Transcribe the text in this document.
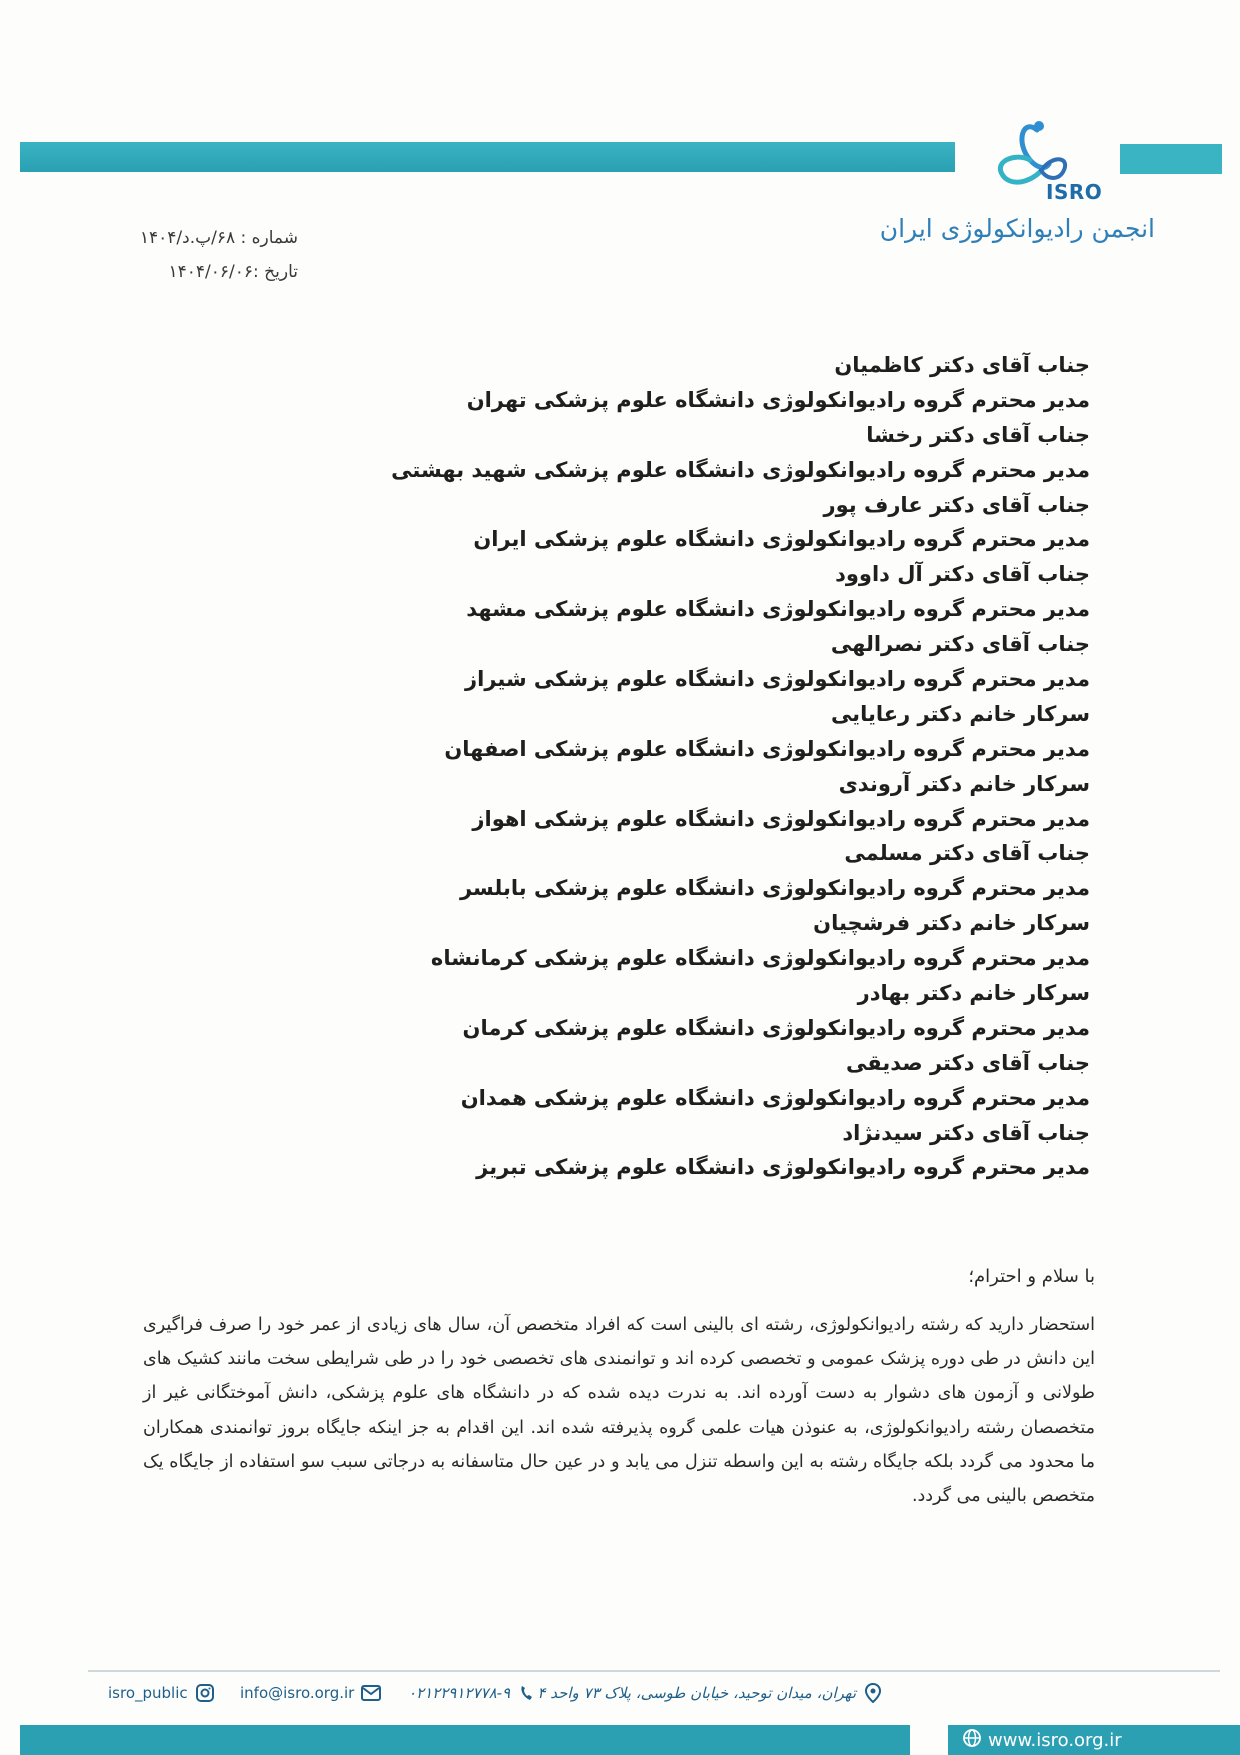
ISRO
انجمن رادیوانکولوژی ایران
شماره : ۶۸/پ.د/۱۴۰۴
تاریخ :۱۴۰۴/۰۶/۰۶
جناب آقای دکتر کاظمیان
مدیر محترم گروه رادیوانکولوژی دانشگاه علوم پزشکی تهران
جناب آقای دکتر رخشا
مدیر محترم گروه رادیوانکولوژی دانشگاه علوم پزشکی شهید بهشتی
جناب آقای دکتر عارف پور
مدیر محترم گروه رادیوانکولوژی دانشگاه علوم پزشکی ایران
جناب آقای دکتر آل داوود
مدیر محترم گروه رادیوانکولوژی دانشگاه علوم پزشکی مشهد
جناب آقای دکتر نصرالهی
مدیر محترم گروه رادیوانکولوژی دانشگاه علوم پزشکی شیراز
سرکار خانم دکتر رعایایی
مدیر محترم گروه رادیوانکولوژی دانشگاه علوم پزشکی اصفهان
سرکار خانم دکتر آروندی
مدیر محترم گروه رادیوانکولوژی دانشگاه علوم پزشکی اهواز
جناب آقای دکتر مسلمی
مدیر محترم گروه رادیوانکولوژی دانشگاه علوم پزشکی بابلسر
سرکار خانم دکتر فرشچیان
مدیر محترم گروه رادیوانکولوژی دانشگاه علوم پزشکی کرمانشاه
سرکار خانم دکتر بهادر
مدیر محترم گروه رادیوانکولوژی دانشگاه علوم پزشکی کرمان
جناب آقای دکتر صدیقی
مدیر محترم گروه رادیوانکولوژی دانشگاه علوم پزشکی همدان
جناب آقای دکتر سیدنژاد
مدیر محترم گروه رادیوانکولوژی دانشگاه علوم پزشکی تبریز
با سلام و احترام؛
استحضار دارید که رشته رادیوانکولوژی، رشته ای بالینی است که افراد متخصص آن، سال های زیادی از عمر خود را صرف فراگیری این دانش در طی دوره پزشک عمومی و تخصصی کرده اند و توانمندی های تخصصی خود را در طی شرایطی سخت مانند کشیک های طولانی و آزمون های دشوار به دست آورده اند. به ندرت دیده شده که در دانشگاه های علوم پزشکی، دانش آموختگانی غیر از متخصصان رشته رادیوانکولوژی، به عنوذن هیات علمی گروه پذیرفته شده اند. این اقدام به جز اینکه جایگاه بروز توانمندی همکاران ما محدود می گردد بلکه جایگاه رشته به این واسطه تنزل می یابد و در عین حال متاسفانه به درجاتی سبب سو استفاده از جایگاه یک متخصص بالینی می گردد.
isro_public	info@isro.org.ir	۰۲۱۲۲۹۱۲۷۷۸-۹ تهران، میدان توحید، خیابان طوسی، پلاک ۷۳ واحد ۴
www.isro.org.ir
